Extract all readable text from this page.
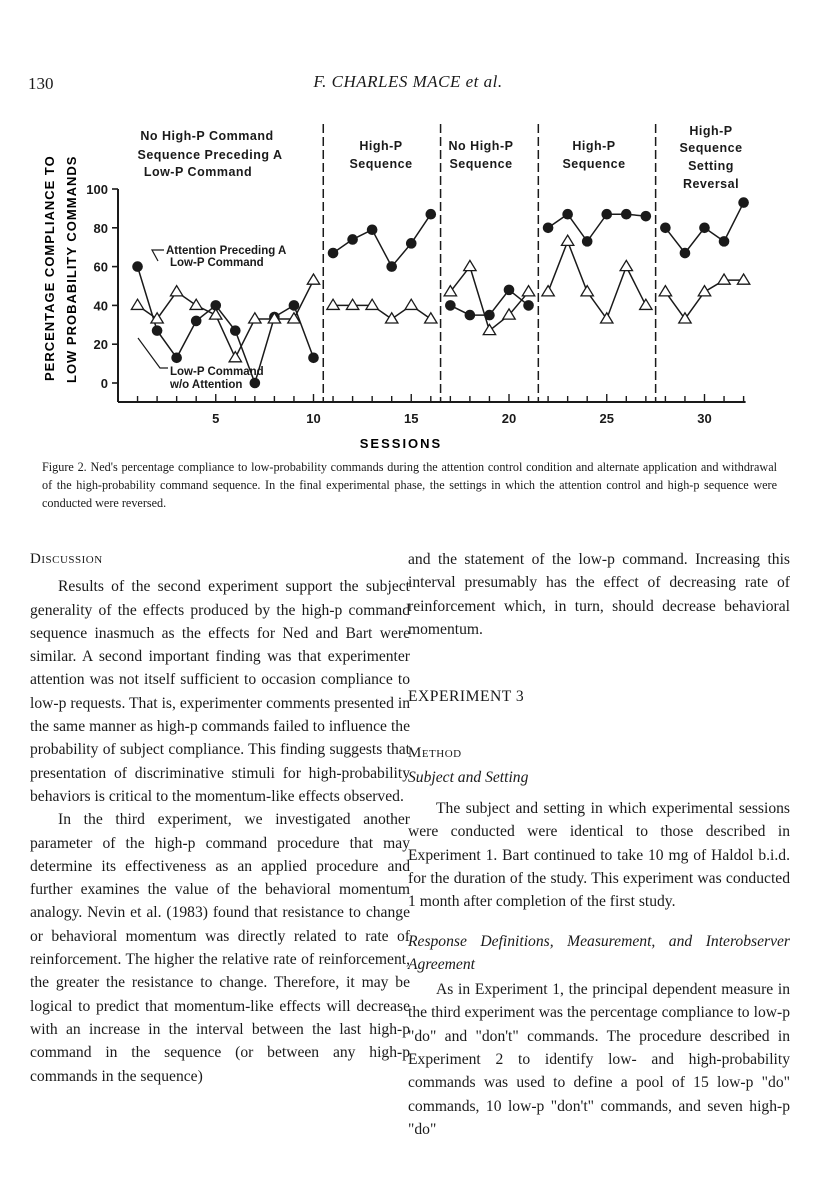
130	F. CHARLES MACE et al.
0
20
40
60
80
100
5	10	15	20	25	30
PERCENTAGE COMPLIANCE TO LOW PROBABILITY COMMANDS
SESSIONS
No High-P Command
Sequence Preceding A
Low-P Command
High-P
Sequence
No High-P
Sequence
High-P
Sequence
High-P
Sequence
Setting
Reversal
Attention Preceding A
Low-P Command
Low-P Command
w/o Attention
Figure 2. Ned's percentage compliance to low-probability commands during the attention control condition and alternate application and withdrawal of the high-probability command sequence. In the final experimental phase, the settings in which the attention control and high-p sequence were conducted were reversed.

Discussion

Results of the second experiment support the subject generality of the effects produced by the high-p command sequence inasmuch as the effects for Ned and Bart were similar. A second important finding was that experimenter attention was not itself sufficient to occasion compliance to low-p requests. That is, experimenter comments presented in the same manner as high-p commands failed to influence the probability of subject compliance. This finding suggests that presentation of discriminative stimuli for high-probability behaviors is critical to the momentum-like effects observed.

In the third experiment, we investigated another parameter of the high-p command procedure that may determine its effectiveness as an applied procedure and further examines the value of the behavioral momentum analogy. Nevin et al. (1983) found that resistance to change or behavioral momentum was directly related to rate of reinforcement. The higher the relative rate of reinforcement, the greater the resistance to change. Therefore, it may be logical to predict that momentum-like effects will decrease with an increase in the interval between the last high-p command in the sequence (or between any high-p commands in the sequence)

and the statement of the low-p command. Increasing this interval presumably has the effect of decreasing rate of reinforcement which, in turn, should decrease behavioral momentum.

EXPERIMENT 3

Method

Subject and Setting

The subject and setting in which experimental sessions were conducted were identical to those described in Experiment 1. Bart continued to take 10 mg of Haldol b.i.d. for the duration of the study. This experiment was conducted 1 month after completion of the first study.

Response Definitions, Measurement, and Interobserver Agreement

As in Experiment 1, the principal dependent measure in the third experiment was the percentage compliance to low-p "do" and "don't" commands. The procedure described in Experiment 2 to identify low- and high-probability commands was used to define a pool of 15 low-p "do" commands, 10 low-p "don't" commands, and seven high-p "do"
